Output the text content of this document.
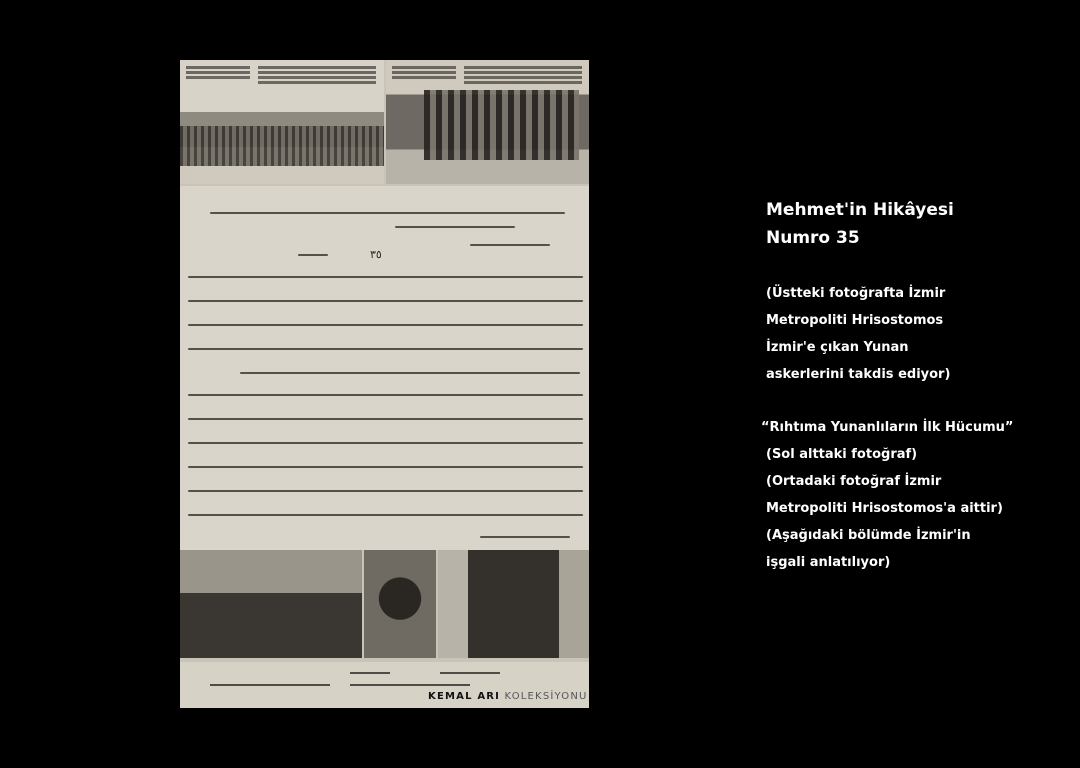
٣٥
KEMAL ARI KOLEKSİYONU

Mehmet'in Hikâyesi

Numro 35

(Üstteki fotoğrafta İzmir

Metropoliti Hrisostomos

İzmir'e çıkan Yunan

askerlerini takdis ediyor)

“Rıhtıma Yunanlıların İlk Hücumu”

(Sol alttaki fotoğraf)

(Ortadaki fotoğraf İzmir

Metropoliti Hrisostomos'a aittir)

(Aşağıdaki bölümde İzmir'in

işgali anlatılıyor)
